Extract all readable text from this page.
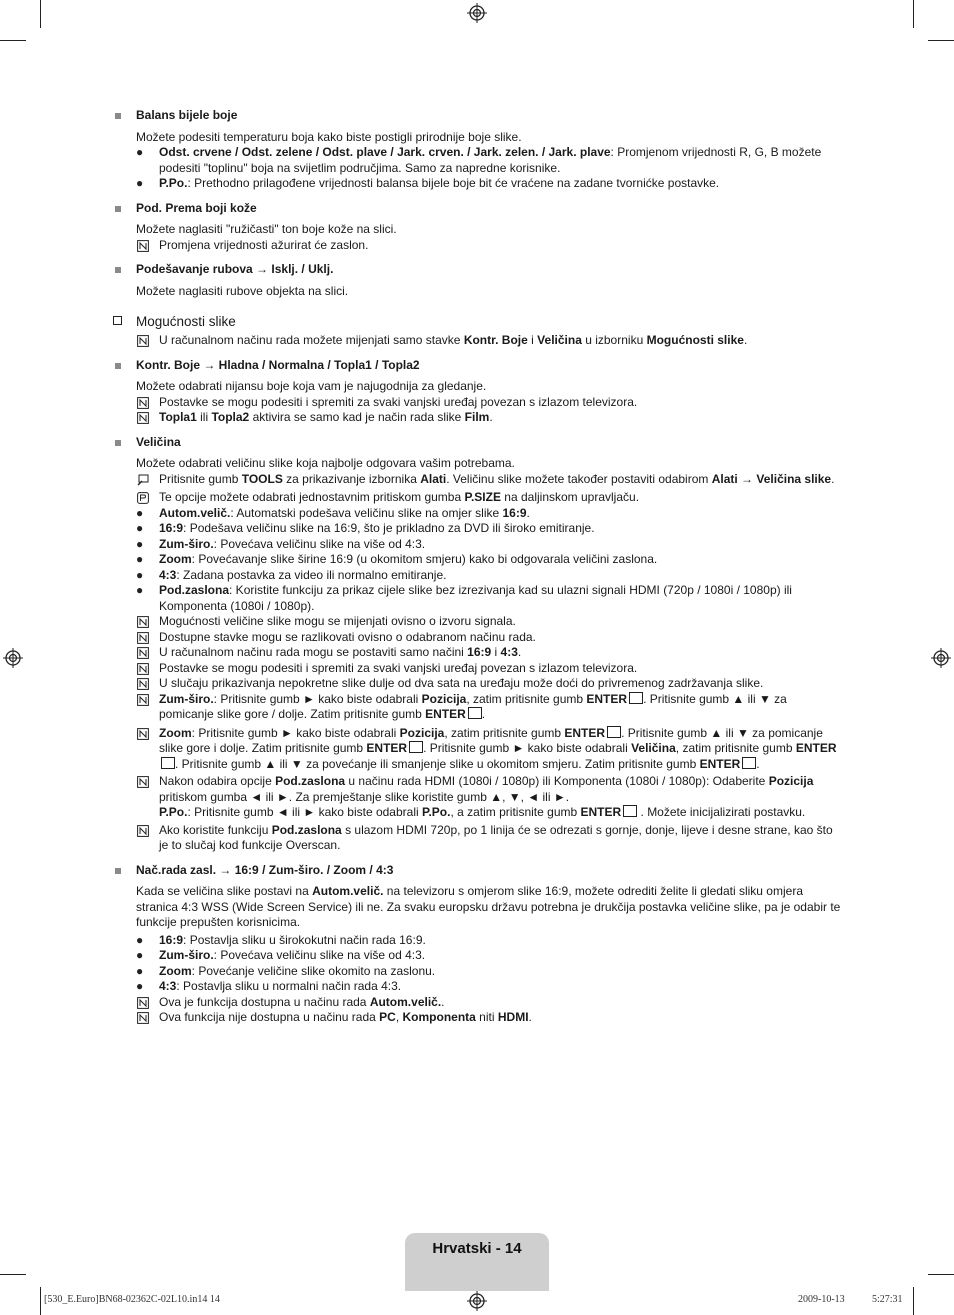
Balans bijele boje
Možete podesiti temperaturu boja kako biste postigli prirodnije boje slike.
●	Odst. crvene / Odst. zelene / Odst. plave / Jark. crven. / Jark. zelen. / Jark. plave: Promjenom vrijednosti R, G, B možete podesiti "toplinu" boja na svijetlim područjima. Samo za napredne korisnike.
●	P.Po.: Prethodno prilagođene vrijednosti balansa bijele boje bit će vraćene na zadane tvornićke postavke.
Pod. Prema boji kože
Možete naglasiti "ružičasti" ton boje kože na slici.
Promjena vrijednosti ažurirat će zaslon.
Podešavanje rubova → Isklj. / Uklj.
Možete naglasiti rubove objekta na slici.
Mogućnosti slike
U računalnom načinu rada možete mijenjati samo stavke Kontr. Boje i Veličina u izborniku Mogućnosti slike.
Kontr. Boje → Hladna / Normalna / Topla1 / Topla2
Možete odabrati nijansu boje koja vam je najugodnija za gledanje.
Postavke se mogu podesiti i spremiti za svaki vanjski uređaj povezan s izlazom televizora.
Topla1 ili Topla2 aktivira se samo kad je način rada slike Film.
Veličina
Možete odabrati veličinu slike koja najbolje odgovara vašim potrebama.
Pritisnite gumb TOOLS za prikazivanje izbornika Alati. Veličinu slike možete također postaviti odabirom Alati → Veličina slike.
Te opcije možete odabrati jednostavnim pritiskom gumba P.SIZE na daljinskom upravljaču.
●	Autom.velič.: Automatski podešava veličinu slike na omjer slike 16:9.
●	16:9: Podešava veličinu slike na 16:9, što je prikladno za DVD ili široko emitiranje.
●	Zum-širo.: Povećava veličinu slike na više od 4:3.
●	Zoom: Povećavanje slike širine 16:9 (u okomitom smjeru) kako bi odgovarala veličini zaslona.
●	4:3: Zadana postavka za video ili normalno emitiranje.
●	Pod.zaslona: Koristite funkciju za prikaz cijele slike bez izrezivanja kad su ulazni signali HDMI (720p / 1080i / 1080p) ili Komponenta (1080i / 1080p).
Mogućnosti veličine slike mogu se mijenjati ovisno o izvoru signala.
Dostupne stavke mogu se razlikovati ovisno o odabranom načinu rada.
U računalnom načinu rada mogu se postaviti samo načini 16:9 i 4:3.
Postavke se mogu podesiti i spremiti za svaki vanjski uređaj povezan s izlazom televizora.
U slučaju prikazivanja nepokretne slike dulje od dva sata na uređaju može doći do privremenog zadržavanja slike.
Zum-širo.: Pritisnite gumb ► kako biste odabrali Pozicija, zatim pritisnite gumb ENTER . Pritisnite gumb ▲ ili ▼ za pomicanje slike gore / dolje. Zatim pritisnite gumb ENTER .
Zoom: Pritisnite gumb ► kako biste odabrali Pozicija, zatim pritisnite gumb ENTER . Pritisnite gumb ▲ ili ▼ za pomicanje slike gore i dolje. Zatim pritisnite gumb ENTER . Pritisnite gumb ► kako biste odabrali Veličina, zatim pritisnite gumb ENTER. Pritisnite gumb ▲ ili ▼ za povećanje ili smanjenje slike u okomitom smjeru. Zatim pritisnite gumb ENTER .
Nakon odabira opcije Pod.zaslona u načinu rada HDMI (1080i / 1080p) ili Komponenta (1080i / 1080p): Odaberite Pozicija pritiskom gumba ◄ ili ►. Za premještanje slike koristite gumb ▲, ▼, ◄ ili ►.
P.Po.: Pritisnite gumb ◄ ili ► kako biste odabrali P.Po., a zatim pritisnite gumb ENTER . Možete inicijalizirati postavku.
Ako koristite funkciju Pod.zaslona s ulazom HDMI 720p, po 1 linija će se odrezati s gornje, donje, lijeve i desne strane, kao što je to slučaj kod funkcije Overscan.
Nač.rada zasl. → 16:9 / Zum-širo. / Zoom / 4:3
Kada se veličina slike postavi na Autom.velič. na televizoru s omjerom slike 16:9, možete odrediti želite li gledati sliku omjera stranica 4:3 WSS (Wide Screen Service) ili ne. Za svaku europsku državu potrebna je drukčija postavka veličine slike, pa je odabir te funkcije prepušten korisnicima.
●	16:9: Postavlja sliku u širokokutni način rada 16:9.
●	Zum-širo.: Povećava veličinu slike na više od 4:3.
●	Zoom: Povećanje veličine slike okomito na zaslonu.
●	4:3: Postavlja sliku u normalni način rada 4:3.
Ova je funkcija dostupna u načinu rada Autom.velič..
Ova funkcija nije dostupna u načinu rada PC, Komponenta niti HDMI.
Hrvatski - 14
[530_E.Euro]BN68-02362C-02L10.in14 14	2009-10-13	5:27:31
